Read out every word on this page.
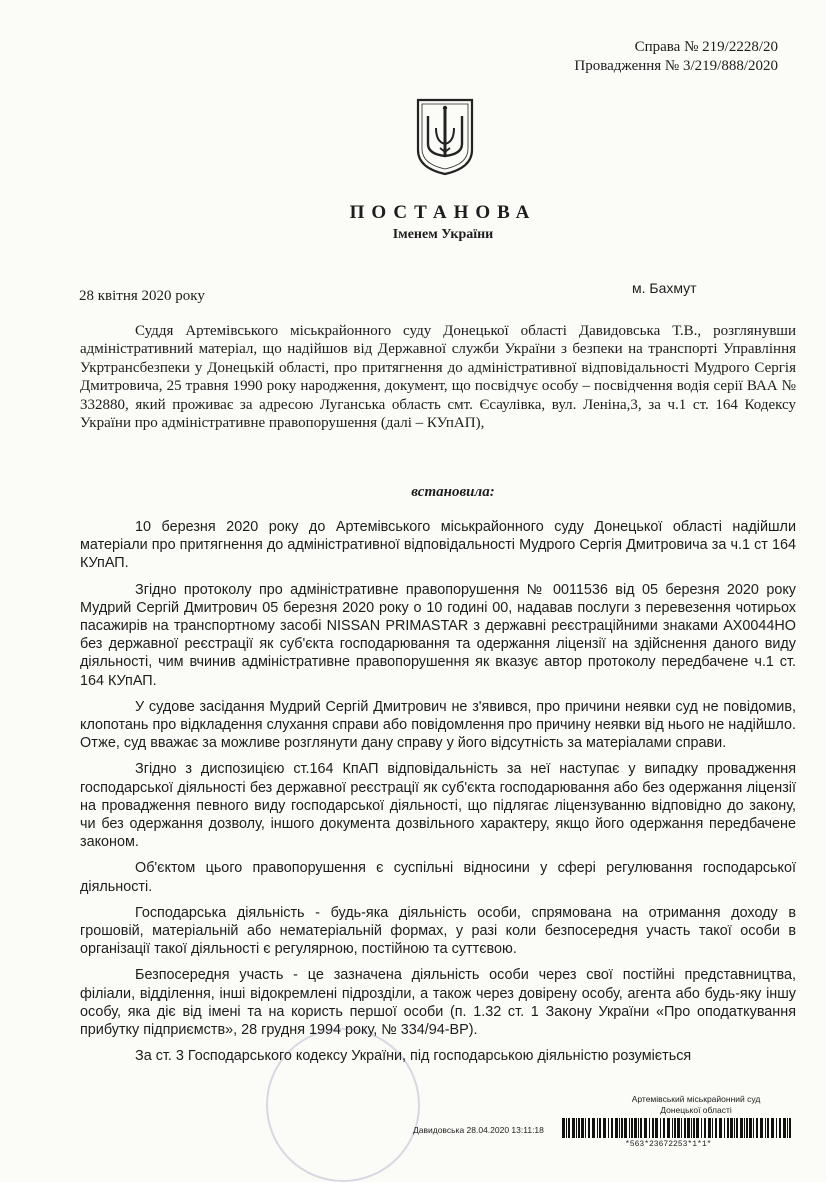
Справа № 219/2228/20
Провадження № 3/219/888/2020
ПОСТАНОВА
Іменем України
28 квітня 2020 року	м. Бахмут
Суддя Артемівського міськрайонного суду Донецької області Давидовська Т.В., розглянувши адміністративний матеріал, що надійшов від Державної служби України з безпеки на транспорті Управління Укртрансбезпеки у Донецькій області, про притягнення до адміністративної відповідальності Мудрого Сергія Дмитровича, 25 травня 1990 року народження, документ, що посвідчує особу – посвідчення водія серії ВАА № 332880, який проживає за адресою Луганська область смт. Єсаулівка, вул. Леніна,3, за ч.1 ст. 164 Кодексу України про адміністративне правопорушення (далі – КУпАП),
встановила:

10 березня 2020 року до Артемівського міськрайонного суду Донецької області надійшли матеріали про притягнення до адміністративної відповідальності Мудрого Сергія Дмитровича за ч.1 ст 164 КУпАП.

Згідно протоколу про адміністративне правопорушення № 0011536 від 05 березня 2020 року Мудрий Сергій Дмитрович 05 березня 2020 року о 10 годині 00, надавав послуги з перевезення чотирьох пасажирів на транспортному засобі NISSAN PRIMASTAR з державні реєстраційними знаками АХ0044НО без державної реєстрації як суб'єкта господарювання та одержання ліцензії на здійснення даного виду діяльності, чим вчинив адміністративне правопорушення як вказує автор протоколу передбачене ч.1 ст. 164 КУпАП.

У судове засідання Мудрий Сергій Дмитрович не з'явився, про причини неявки суд не повідомив, клопотань про відкладення слухання справи або повідомлення про причину неявки від нього не надійшло. Отже, суд вважає за можливе розглянути дану справу у його відсутність за матеріалами справи.

Згідно з диспозицією ст.164 КпАП відповідальність за неї наступає у випадку провадження господарської діяльності без державної реєстрації як суб'єкта господарювання або без одержання ліцензії на провадження певного виду господарської діяльності, що підлягає ліцензуванню відповідно до закону, чи без одержання дозволу, іншого документа дозвільного характеру, якщо його одержання передбачене законом.

Об'єктом цього правопорушення є суспільні відносини у сфері регулювання господарської діяльності.

Господарська діяльність - будь-яка діяльність особи, спрямована на отримання доходу в грошовій, матеріальній або нематеріальній формах, у разі коли безпосередня участь такої особи в організації такої діяльності є регулярною, постійною та суттєвою.

Безпосередня участь - це зазначена діяльність особи через свої постійні представництва, філіали, відділення, інші відокремлені підрозділи, а також через довірену особу, агента або будь-яку іншу особу, яка діє від імені та на користь першої особи (п. 1.32 ст. 1 Закону України «Про оподаткування прибутку підприємств», 28 грудня 1994 року, № 334/94-ВР).

За ст. 3 Господарського кодексу України, під господарською діяльністю розуміється

Артемівський міськрайонний суд
Донецької області
Давидовська 28.04.2020 13:11:18
*563*23672253*1*1*
